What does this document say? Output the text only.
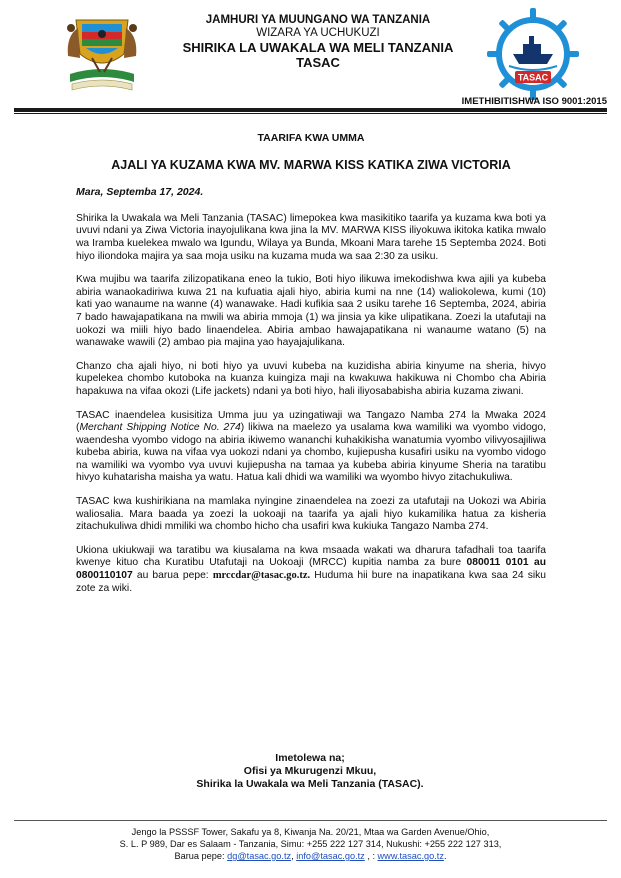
JAMHURI YA MUUNGANO WA TANZANIA
WIZARA YA UCHUKUZI
SHIRIKA LA UWAKALA WA MELI TANZANIA
TASAC
TASAC
IMETHIBITISHWA ISO 9001:2015
TAARIFA KWA UMMA
AJALI YA KUZAMA KWA MV. MARWA KISS KATIKA ZIWA VICTORIA
Mara, Septemba 17, 2024.

Shirika la Uwakala wa Meli Tanzania (TASAC) limepokea kwa masikitiko taarifa ya kuzama kwa boti ya uvuvi ndani ya Ziwa Victoria inayojulikana kwa jina la MV. MARWA KISS iliyokuwa ikitoka katika mwalo wa Iramba kuelekea mwalo wa Igundu, Wilaya ya Bunda, Mkoani Mara tarehe 15 Septemba 2024. Boti hiyo iliondoka majira ya saa moja usiku na kuzama muda wa saa 2:30 za usiku.

Kwa mujibu wa taarifa zilizopatikana eneo la tukio, Boti hiyo ilikuwa imekodishwa kwa ajili ya kubeba abiria wanaokadiriwa kuwa 21 na kufuatia ajali hiyo, abiria kumi na nne (14) waliokolewa, kumi (10) kati yao wanaume na wanne (4) wanawake. Hadi kufikia saa 2 usiku tarehe 16 Septemba, 2024, abiria 7 bado hawajapatikana na mwili wa abiria mmoja (1) wa jinsia ya kike ulipatikana. Zoezi la utafutaji na uokozi wa miili hiyo bado linaendelea. Abiria ambao hawajapatikana ni wanaume watano (5) na wanawake wawili (2) ambao pia majina yao hayajajulikana.

Chanzo cha ajali hiyo, ni boti hiyo ya uvuvi kubeba na kuzidisha abiria kinyume na sheria, hivyo kupelekea chombo kutoboka na kuanza kuingiza maji na kwakuwa hakikuwa ni Chombo cha Abiria hapakuwa na vifaa okozi (Life jackets) ndani ya boti hiyo, hali iliyosababisha abiria kuzama ziwani.

TASAC inaendelea kusisitiza Umma juu ya uzingatiwaji wa Tangazo Namba 274 la Mwaka 2024 (Merchant Shipping Notice No. 274) likiwa na maelezo ya usalama kwa wamiliki wa vyombo vidogo, waendesha vyombo vidogo na abiria ikiwemo wananchi kuhakikisha wanatumia vyombo vilivyosajiliwa kubeba abiria, kuwa na vifaa vya uokozi ndani ya chombo, kujiepusha kusafiri usiku na vyombo vidogo na wamiliki wa vyombo vya uvuvi kujiepusha na tamaa ya kubeba abiria kinyume Sheria na taratibu hivyo kuhatarisha maisha ya watu. Hatua kali dhidi wa wamiliki wa wyombo hivyo zitachukuliwa.

TASAC kwa kushirikiana na mamlaka nyingine zinaendelea na zoezi za utafutaji na Uokozi wa Abiria waliosalia. Mara baada ya zoezi la uokoaji na taarifa ya ajali hiyo kukamilika hatua za kisheria zitachukuliwa dhidi mmiliki wa chombo hicho cha usafiri kwa kukiuka Tangazo Namba 274.

Ukiona ukiukwaji wa taratibu wa kiusalama na kwa msaada wakati wa dharura tafadhali toa taarifa kwenye kituo cha Kuratibu Utafutaji na Uokoaji (MRCC) kupitia namba za bure 080011 0101 au 0800110107 au barua pepe: mrccdar@tasac.go.tz. Huduma hii bure na inapatikana kwa saa 24 siku zote za wiki.

Imetolewa na;
Ofisi ya Mkurugenzi Mkuu,
Shirika la Uwakala wa Meli Tanzania (TASAC).
Jengo la PSSSF Tower, Sakafu ya 8, Kiwanja Na. 20/21, Mtaa wa Garden Avenue/Ohio,
S. L. P 989, Dar es Salaam - Tanzania, Simu: +255 222 127 314, Nukushi: +255 222 127 313,
Barua pepe: dg@tasac.go.tz, info@tasac.go.tz , : www.tasac.go.tz.
